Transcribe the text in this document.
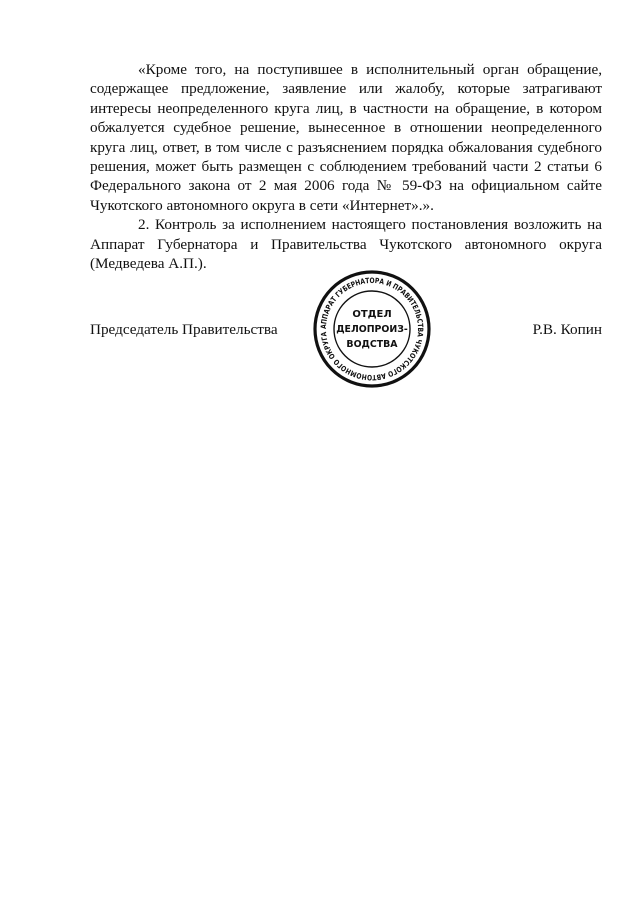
«Кроме того, на поступившее в исполнительный орган обращение, содержащее предложение, заявление или жалобу, которые затрагивают интересы неопределенного круга лиц, в частности на обращение, в котором обжалуется судебное решение, вынесенное в отношении неопределенного круга лиц, ответ, в том числе с разъяснением порядка обжалования судебного решения, может быть размещен с соблюдением требований части 2 статьи 6 Федерального закона от 2 мая 2006 года № 59-ФЗ на официальном сайте Чукотского автономного округа в сети «Интернет».».

2. Контроль за исполнением настоящего постановления возложить на Аппарат Губернатора и Правительства Чукотского автономного округа (Медведева А.П.).

Председатель Правительства	Р.В. Копин
АППАРАТ ГУБЕРНАТОРА И ПРАВИТЕЛЬСТВА ЧУКОТСКОГО АВТОНОМНОГО ОКРУГА
ОТДЕЛ
ДЕЛОПРОИЗ-
ВОДСТВА
